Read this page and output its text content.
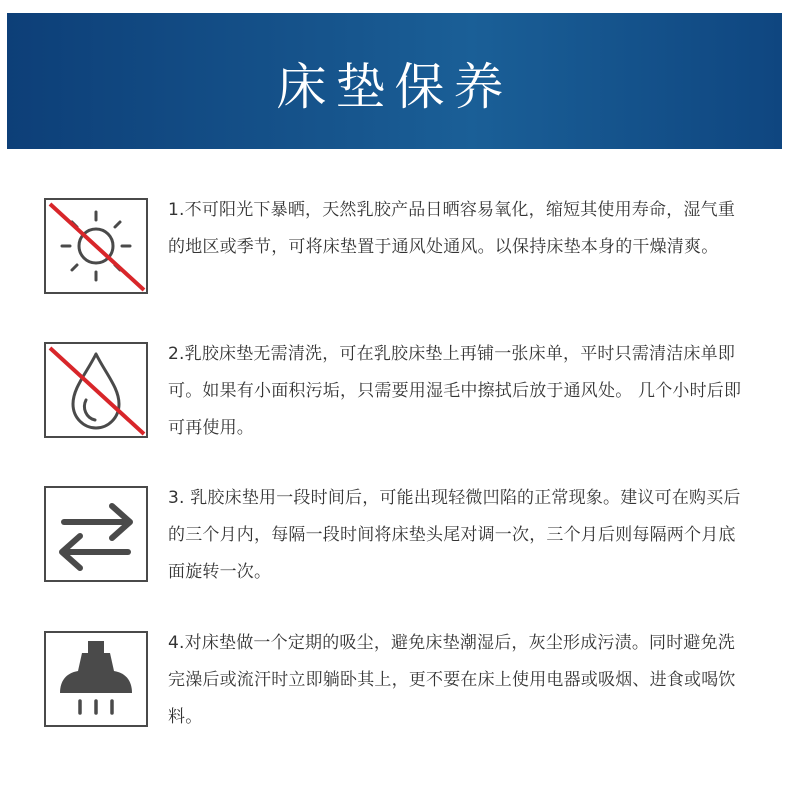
床垫保养
1.不可阳光下暴晒，天然乳胶产品日晒容易氧化，缩短其使用寿命，湿气重的地区或季节，可将床垫置于通风处通风。以保持床垫本身的干燥清爽。
2.乳胶床垫无需清洗，可在乳胶床垫上再铺一张床单，平时只需清洁床单即可。如果有小面积污垢，只需要用湿毛中擦拭后放于通风处。 几个小时后即可再使用。
3. 乳胶床垫用一段时间后，可能出现轻微凹陷的正常现象。建议可在购买后的三个月内，每隔一段时间将床垫头尾对调一次，三个月后则每隔两个月底面旋转一次。
4.对床垫做一个定期的吸尘，避免床垫潮湿后，灰尘形成污渍。同时避免洗完澡后或流汗时立即躺卧其上，更不要在床上使用电器或吸烟、进食或喝饮料。
